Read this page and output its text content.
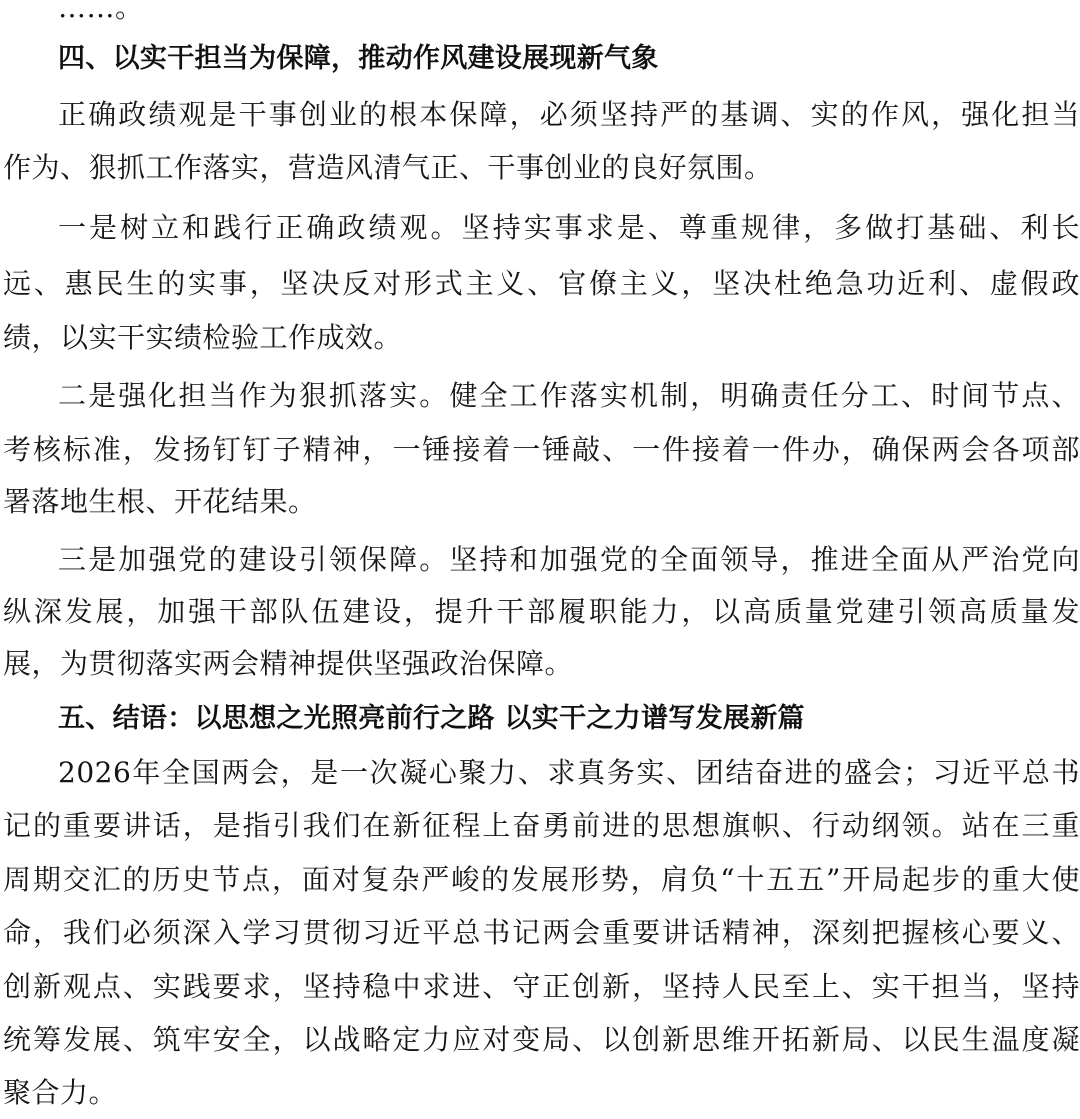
……。
四、以实干担当为保障，推动作风建设展现新气象
正确政绩观是干事创业的根本保障，必须坚持严的基调、实的作风，强化担当
作为、狠抓工作落实，营造风清气正、干事创业的良好氛围。
一是树立和践行正确政绩观。坚持实事求是、尊重规律，多做打基础、利长
远、惠民生的实事，坚决反对形式主义、官僚主义，坚决杜绝急功近利、虚假政
绩，以实干实绩检验工作成效。
二是强化担当作为狠抓落实。健全工作落实机制，明确责任分工、时间节点、
考核标准，发扬钉钉子精神，一锤接着一锤敲、一件接着一件办，确保两会各项部
署落地生根、开花结果。
三是加强党的建设引领保障。坚持和加强党的全面领导，推进全面从严治党向
纵深发展，加强干部队伍建设，提升干部履职能力，以高质量党建引领高质量发
展，为贯彻落实两会精神提供坚强政治保障。
五、结语：以思想之光照亮前行之路 以实干之力谱写发展新篇
2026年全国两会，是一次凝心聚力、求真务实、团结奋进的盛会；习近平总书
记的重要讲话，是指引我们在新征程上奋勇前进的思想旗帜、行动纲领。站在三重
周期交汇的历史节点，面对复杂严峻的发展形势，肩负“十五五”开局起步的重大使
命，我们必须深入学习贯彻习近平总书记两会重要讲话精神，深刻把握核心要义、
创新观点、实践要求，坚持稳中求进、守正创新，坚持人民至上、实干担当，坚持
统筹发展、筑牢安全，以战略定力应对变局、以创新思维开拓新局、以民生温度凝
聚合力。
